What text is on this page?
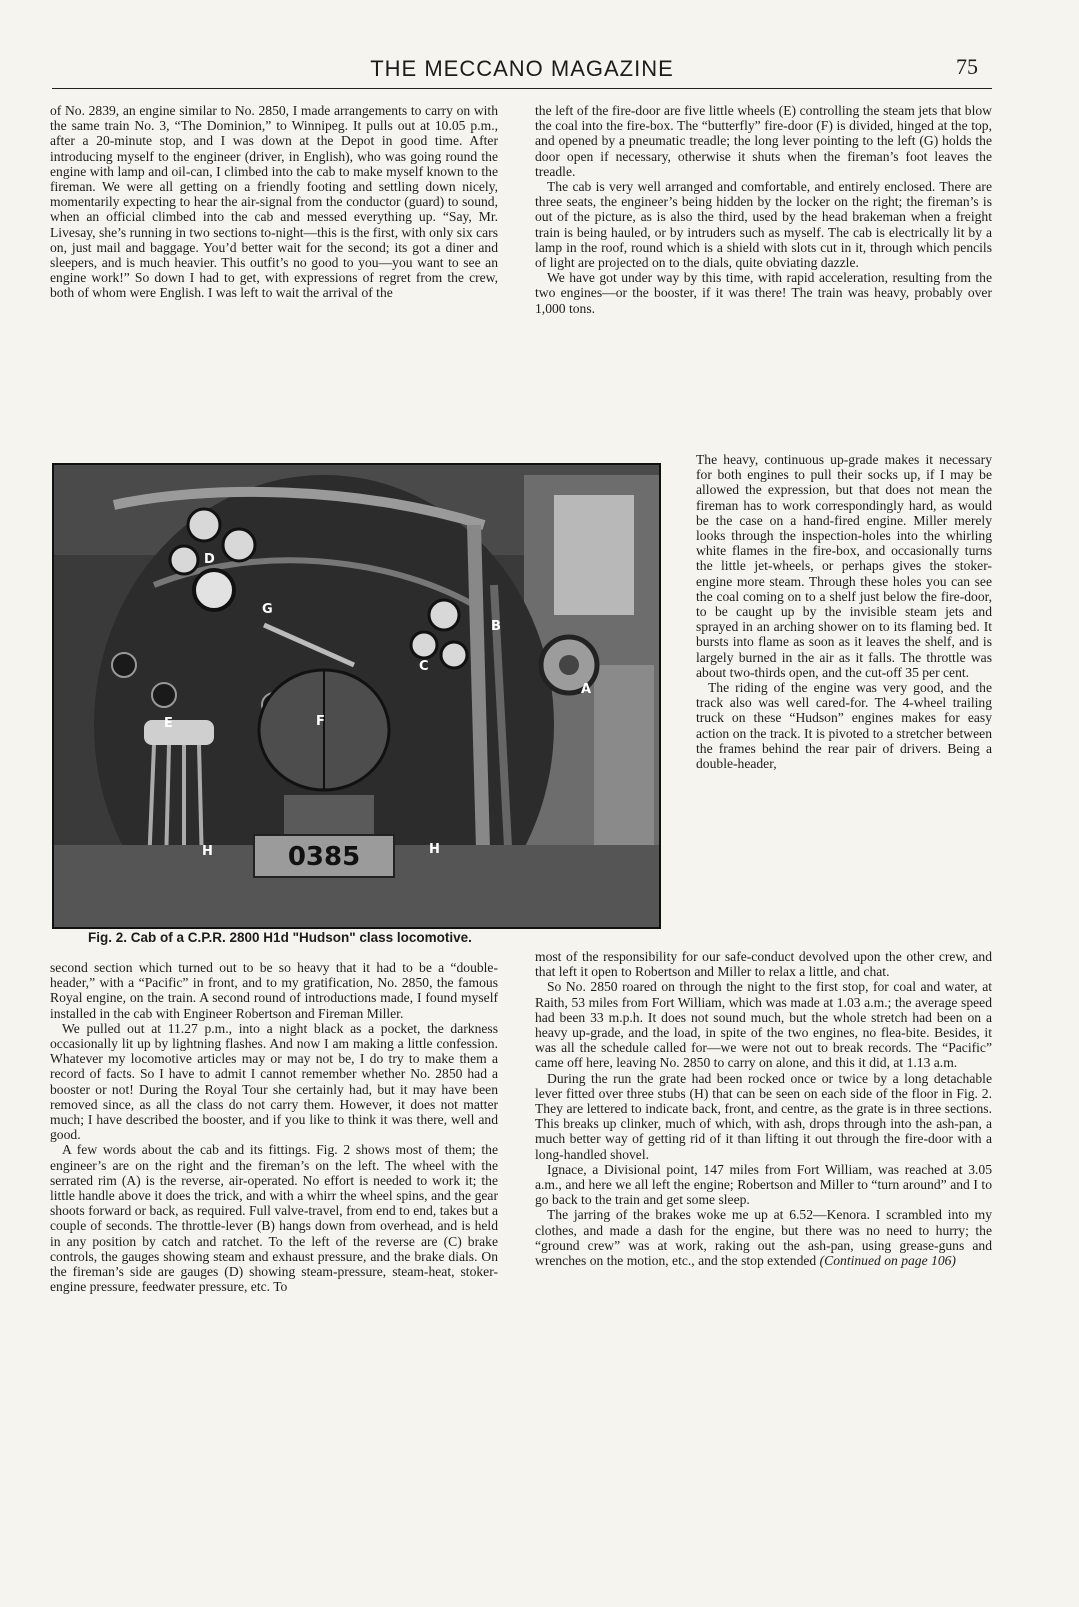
THE MECCANO MAGAZINE	75

of No. 2839, an engine similar to No. 2850, I made arrangements to carry on with the same train No. 3, “The Dominion,” to Winnipeg. It pulls out at 10.05 p.m., after a 20-minute stop, and I was down at the Depot in good time. After introducing myself to the engineer (driver, in English), who was going round the engine with lamp and oil-can, I climbed into the cab to make myself known to the fireman. We were all getting on a friendly footing and settling down nicely, momentarily expecting to hear the air-signal from the conductor (guard) to sound, when an official climbed into the cab and messed everything up. “Say, Mr. Livesay, she’s running in two sections to-night—this is the first, with only six cars on, just mail and baggage. You’d better wait for the second; its got a diner and sleepers, and is much heavier. This outfit’s no good to you—you want to see an engine work!” So down I had to get, with expressions of regret from the crew, both of whom were English. I was left to wait the arrival of the

the left of the fire-door are five little wheels (E) controlling the steam jets that blow the coal into the fire-box. The “butterfly” fire-door (F) is divided, hinged at the top, and opened by a pneumatic treadle; the long lever pointing to the left (G) holds the door open if necessary, otherwise it shuts when the fireman’s foot leaves the treadle.

The cab is very well arranged and comfortable, and entirely enclosed. There are three seats, the engineer’s being hidden by the locker on the right; the fireman’s is out of the picture, as is also the third, used by the head brakeman when a freight train is being hauled, or by intruders such as myself. The cab is electrically lit by a lamp in the roof, round which is a shield with slots cut in it, through which pencils of light are projected on to the dials, quite obviating dazzle.

We have got under way by this time, with rapid acceleration, resulting from the two engines—or the booster, if it was there! The train was heavy, probably over 1,000 tons.

The heavy, continuous up-grade makes it necessary for both engines to pull their socks up, if I may be allowed the expression, but that does not mean the fireman has to work correspondingly hard, as would be the case on a hand-fired engine. Miller merely looks through the inspection-holes into the whirling white flames in the fire-box, and occasionally turns the little jet-wheels, or perhaps gives the stoker-engine more steam. Through these holes you can see the coal coming on to a shelf just below the fire-door, to be caught up by the invisible steam jets and sprayed in an arching shower on to its flaming bed. It bursts into flame as soon as it leaves the shelf, and is largely burned in the air as it falls. The throttle was about two-thirds open, and the cut-off 35 per cent.

The riding of the engine was very good, and the track also was well cared-for. The 4-wheel trailing truck on these “Hudson” engines makes for easy action on the track. It is pivoted to a stretcher between the frames behind the rear pair of drivers. Being a double-header,

0385
A
B
C
D
E	F
G
H	H
Fig. 2. Cab of a C.P.R. 2800 H1d "Hudson" class locomotive.

second section which turned out to be so heavy that it had to be a “double-header,” with a “Pacific” in front, and to my gratification, No. 2850, the famous Royal engine, on the train. A second round of introductions made, I found myself installed in the cab with Engineer Robertson and Fireman Miller.

We pulled out at 11.27 p.m., into a night black as a pocket, the darkness occasionally lit up by lightning flashes. And now I am making a little confession. Whatever my locomotive articles may or may not be, I do try to make them a record of facts. So I have to admit I cannot remember whether No. 2850 had a booster or not! During the Royal Tour she certainly had, but it may have been removed since, as all the class do not carry them. However, it does not matter much; I have described the booster, and if you like to think it was there, well and good.

A few words about the cab and its fittings. Fig. 2 shows most of them; the engineer’s are on the right and the fireman’s on the left. The wheel with the serrated rim (A) is the reverse, air-operated. No effort is needed to work it; the little handle above it does the trick, and with a whirr the wheel spins, and the gear shoots forward or back, as required. Full valve-travel, from end to end, takes but a couple of seconds. The throttle-lever (B) hangs down from overhead, and is held in any position by catch and ratchet. To the left of the reverse are (C) brake controls, the gauges showing steam and exhaust pressure, and the brake dials. On the fireman’s side are gauges (D) showing steam-pressure, steam-heat, stoker-engine pressure, feedwater pressure, etc. To

most of the responsibility for our safe-conduct devolved upon the other crew, and that left it open to Robertson and Miller to relax a little, and chat.

So No. 2850 roared on through the night to the first stop, for coal and water, at Raith, 53 miles from Fort William, which was made at 1.03 a.m.; the average speed had been 33 m.p.h. It does not sound much, but the whole stretch had been on a heavy up-grade, and the load, in spite of the two engines, no flea-bite. Besides, it was all the schedule called for—we were not out to break records. The “Pacific” came off here, leaving No. 2850 to carry on alone, and this it did, at 1.13 a.m.

During the run the grate had been rocked once or twice by a long detachable lever fitted over three stubs (H) that can be seen on each side of the floor in Fig. 2. They are lettered to indicate back, front, and centre, as the grate is in three sections. This breaks up clinker, much of which, with ash, drops through into the ash-pan, a much better way of getting rid of it than lifting it out through the fire-door with a long-handled shovel.

Ignace, a Divisional point, 147 miles from Fort William, was reached at 3.05 a.m., and here we all left the engine; Robertson and Miller to “turn around” and I to go back to the train and get some sleep.

The jarring of the brakes woke me up at 6.52—Kenora. I scrambled into my clothes, and made a dash for the engine, but there was no need to hurry; the “ground crew” was at work, raking out the ash-pan, using grease-guns and wrenches on the motion, etc., and the stop extended (Continued on page 106)
